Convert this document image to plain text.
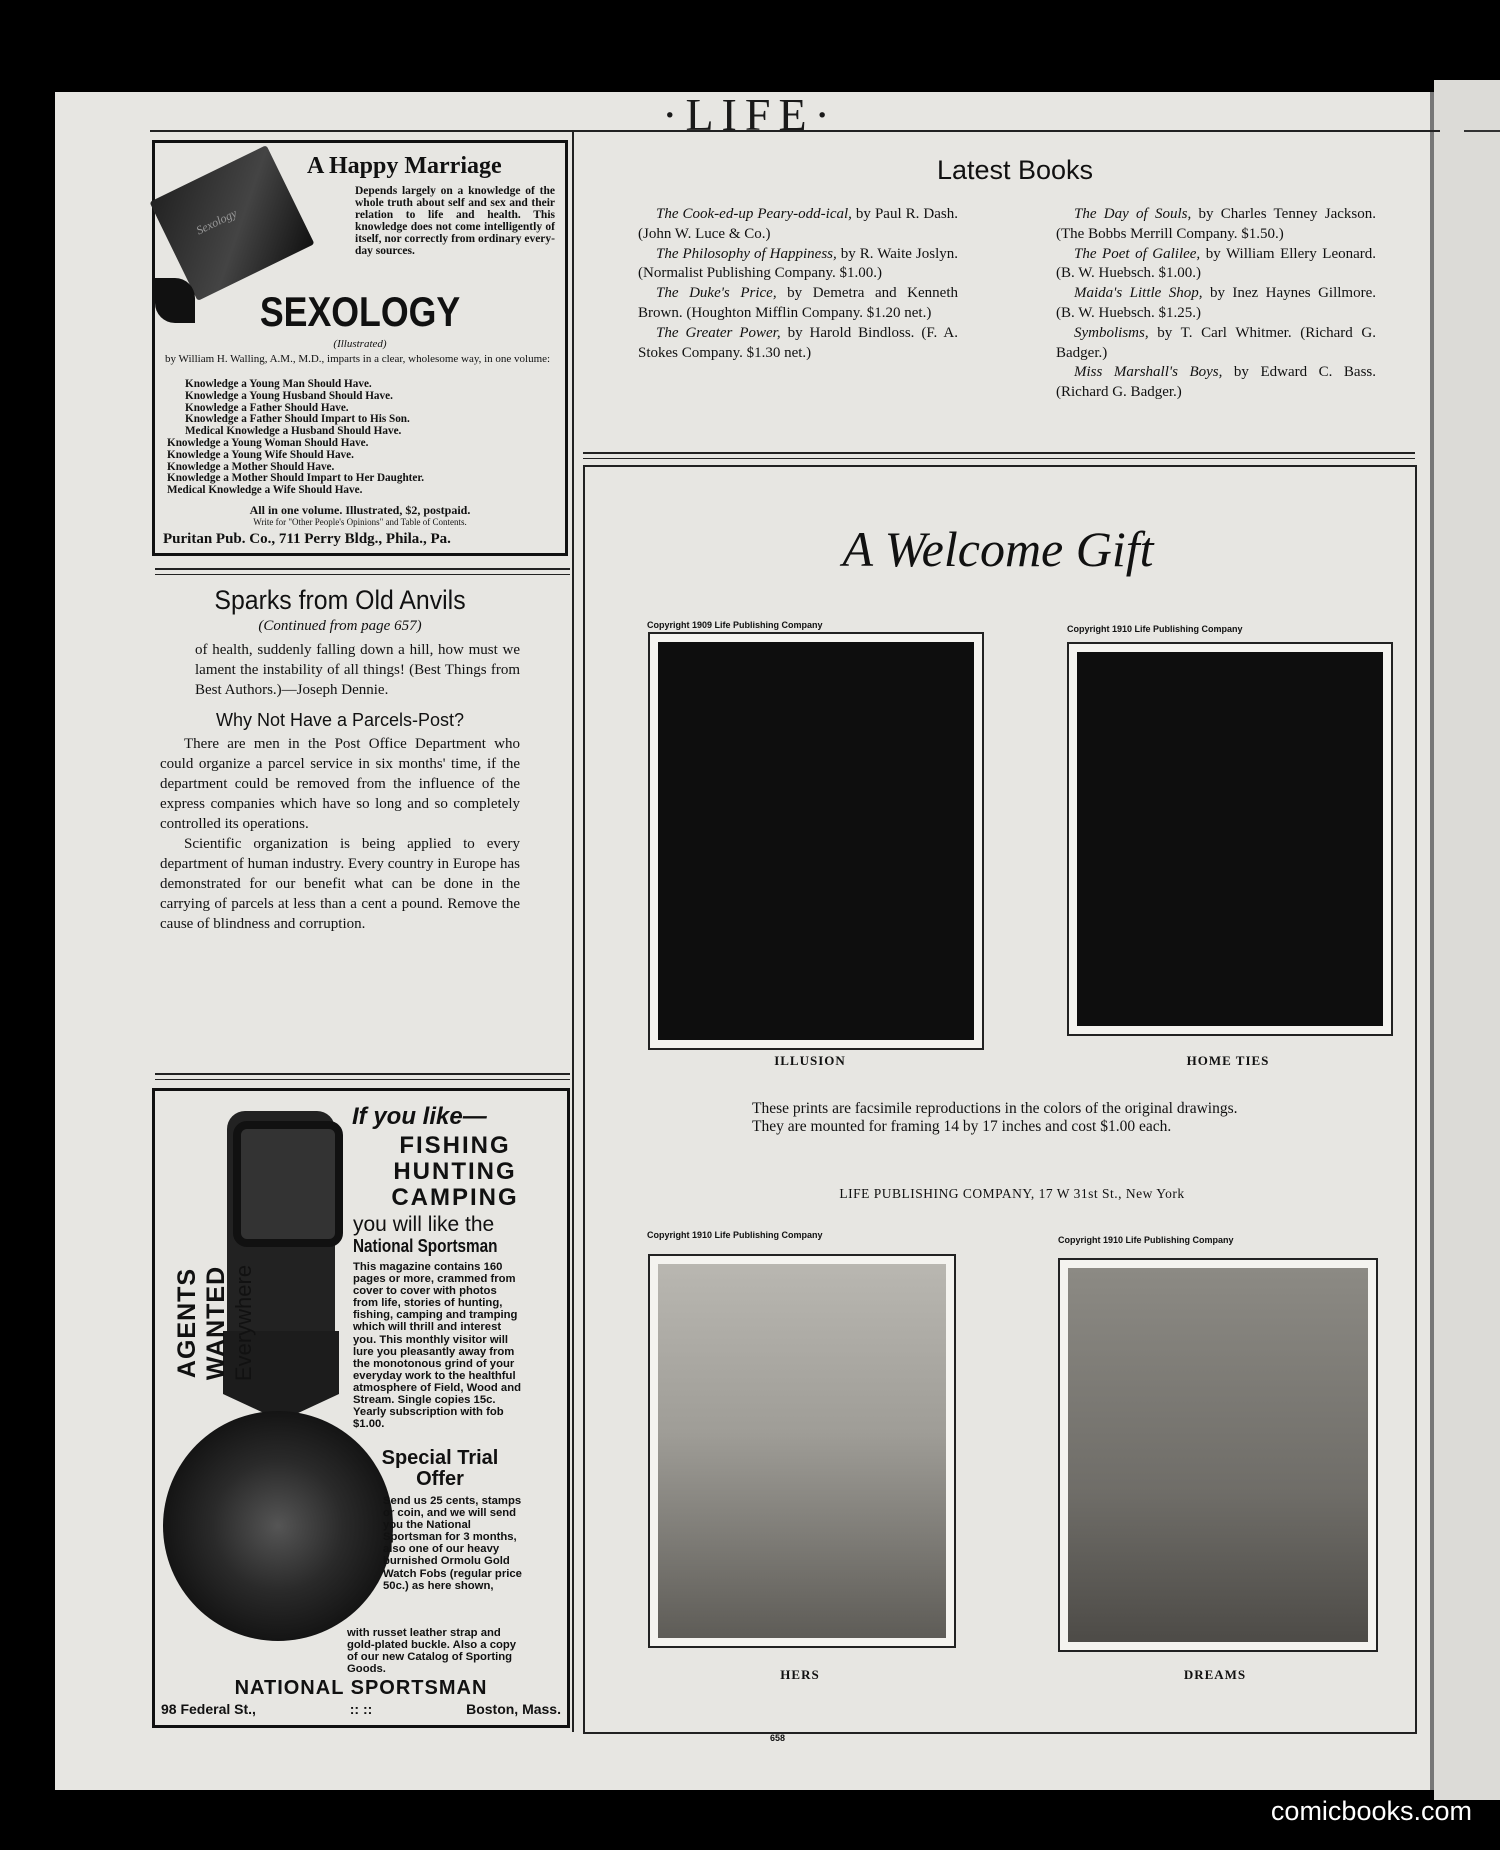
·LIFE·
Sexology
A Happy Marriage
Depends largely on a knowledge of the whole truth about self and sex and their relation to life and health. This knowledge does not come intelligently of itself, nor correctly from ordinary every-day sources.
SEXOLOGY
(Illustrated)
by William H. Walling, A.M., M.D., imparts in a clear, wholesome way, in one volume:
Knowledge a Young Man Should Have.
Knowledge a Young Husband Should Have.
Knowledge a Father Should Have.
Knowledge a Father Should Impart to His Son.
Medical Knowledge a Husband Should Have.
Knowledge a Young Woman Should Have.
Knowledge a Young Wife Should Have.
Knowledge a Mother Should Have.
Knowledge a Mother Should Impart to Her Daughter.
Medical Knowledge a Wife Should Have.
All in one volume. Illustrated, $2, postpaid.
Write for "Other People's Opinions" and Table of Contents.
Puritan Pub. Co., 711 Perry Bldg., Phila., Pa.
Sparks from Old Anvils
(Continued from page 657)

of health, suddenly falling down a hill, how must we lament the instability of all things! (Best Things from Best Authors.)—Joseph Dennie.

Why Not Have a Parcels-Post?

There are men in the Post Office Department who could organize a parcel service in six months' time, if the department could be removed from the influence of the express companies which have so long and so completely controlled its operations.

Scientific organization is being applied to every department of human industry. Every country in Europe has demonstrated for our benefit what can be done in the carrying of parcels at less than a cent a pound. Remove the cause of blindness and corruption.

AGENTS WANTED Everywhere
If you like—
FISHING
HUNTING
CAMPING
you will like the
National Sportsman
This magazine contains 160 pages or more, crammed from cover to cover with photos from life, stories of hunting, fishing, camping and tramping which will thrill and interest you. This monthly visitor will lure you pleasantly away from the monotonous grind of your everyday work to the healthful atmosphere of Field, Wood and Stream. Single copies 15c. Yearly subscription with fob $1.00.
Special Trial Offer
Send us 25 cents, stamps or coin, and we will send you the National Sportsman for 3 months, also one of our heavy burnished Ormolu Gold Watch Fobs (regular price 50c.) as here shown,
with russet leather strap and gold-plated buckle. Also a copy of our new Catalog of Sporting Goods.
NATIONAL SPORTSMAN
98 Federal St.,	:: ::	Boston, Mass.
Latest Books

The Cook-ed-up Peary-odd-ical, by Paul R. Dash. (John W. Luce & Co.)

The Philosophy of Happiness, by R. Waite Joslyn. (Normalist Publishing Company. $1.00.)

The Duke's Price, by Demetra and Kenneth Brown. (Houghton Mifflin Company. $1.20 net.)

The Greater Power, by Harold Bindloss. (F. A. Stokes Company. $1.30 net.)

The Day of Souls, by Charles Tenney Jackson. (The Bobbs Merrill Company. $1.50.)

The Poet of Galilee, by William Ellery Leonard. (B. W. Huebsch. $1.00.)

Maida's Little Shop, by Inez Haynes Gillmore. (B. W. Huebsch. $1.25.)

Symbolisms, by T. Carl Whitmer. (Richard G. Badger.)

Miss Marshall's Boys, by Edward C. Bass. (Richard G. Badger.)

A Welcome Gift
Copyright 1909 Life Publishing Company
ILLUSION
Copyright 1910 Life Publishing Company
HOME TIES
These prints are facsimile reproductions in the colors of the original drawings.
They are mounted for framing 14 by 17 inches and cost $1.00 each.
LIFE PUBLISHING COMPANY, 17 W 31st St., New York
Copyright 1910 Life Publishing Company
HERS
Copyright 1910 Life Publishing Company
DREAMS
658
comicbooks.com
